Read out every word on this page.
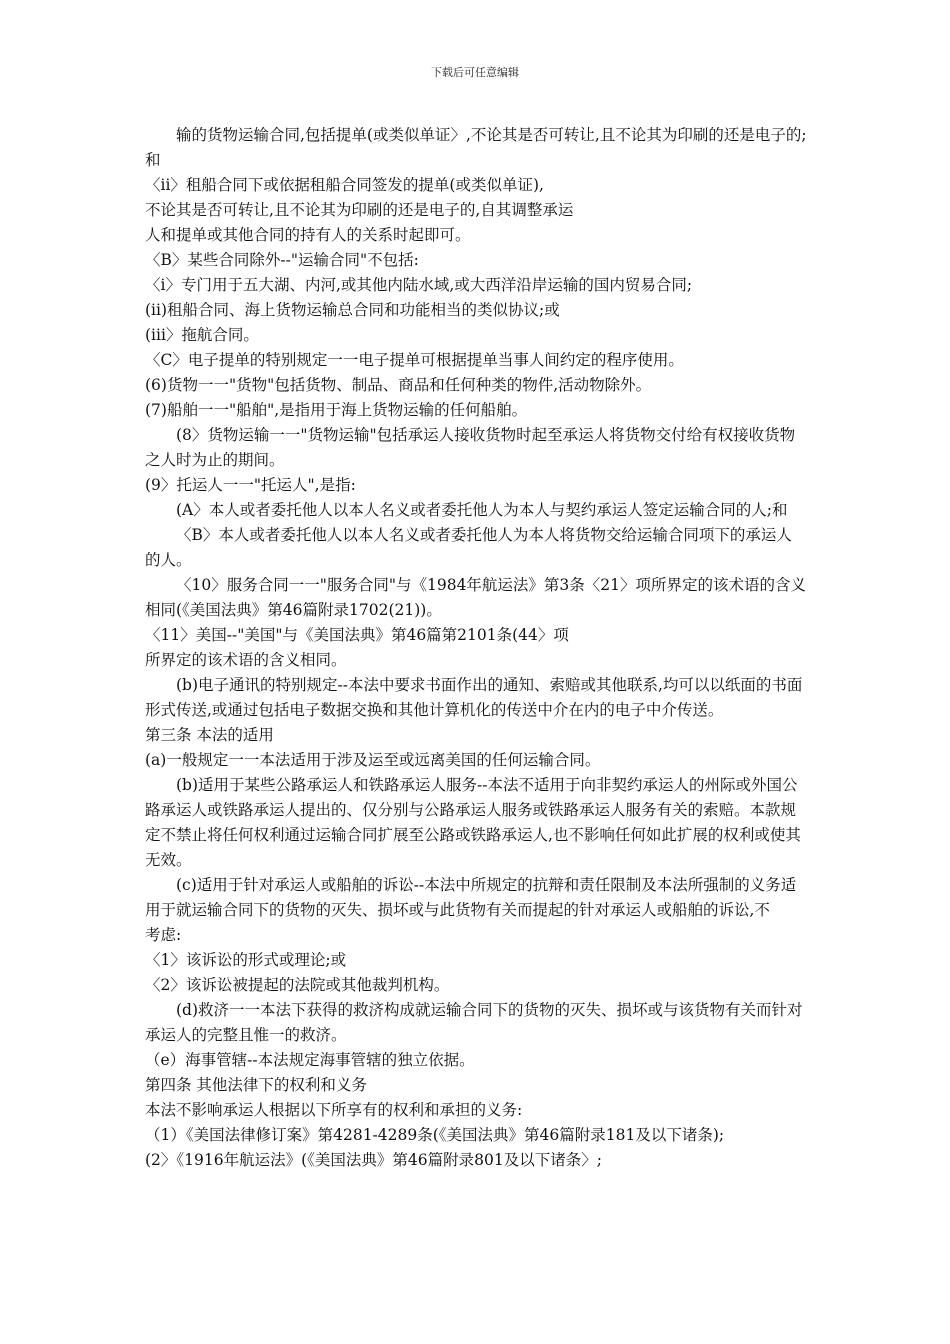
下载后可任意编辑

输的货物运输合同,包括提单(或类似单证〉,不论其是否可转让,且不论其为印刷的还是电子的;和

〈ii〉租船合同下或依据租船合同签发的提单(或类似单证),

不论其是否可转让,且不论其为印刷的还是电子的,自其调整承运

人和提单或其他合同的持有人的关系时起即可。

〈B〉某些合同除外--"运输合同"不包括:

〈i〉专门用于五大湖、内河,或其他内陆水域,或大西洋沿岸运输的国内贸易合同;

(ii)租船合同、海上货物运输总合同和功能相当的类似协议;或

(iii〉拖航合同。

〈C〉电子提单的特别规定一一电子提单可根据提单当事人间约定的程序使用。

(6)货物一一"货物"包括货物、制品、商品和任何种类的物件,活动物除外。

(7)船舶一一"船舶",是指用于海上货物运输的任何船舶。

(8〉货物运输一一"货物运输"包括承运人接收货物时起至承运人将货物交付给有权接收货物之人时为止的期间。

(9〉托运人一一"托运人",是指:

(A〉本人或者委托他人以本人名义或者委托他人为本人与契约承运人签定运输合同的人;和

〈B〉本人或者委托他人以本人名义或者委托他人为本人将货物交给运输合同项下的承运人的人。

〈10〉服务合同一一"服务合同"与《1984年航运法》第3条〈21〉项所界定的该术语的含义相同(《美国法典》第46篇附录1702(21))。

〈11〉美国--"美国"与《美国法典》第46篇第2101条(44〉项

所界定的该术语的含义相同。

(b)电子通讯的特别规定--本法中要求书面作出的通知、索赔或其他联系,均可以以纸面的书面形式传送,或通过包括电子数据交换和其他计算机化的传送中介在内的电子中介传送。

第三条 本法的适用

(a)一般规定一一本法适用于涉及运至或远离美国的任何运输合同。

(b)适用于某些公路承运人和铁路承运人服务--本法不适用于向非契约承运人的州际或外国公路承运人或铁路承运人提出的、仅分别与公路承运人服务或铁路承运人服务有关的索赔。本款规定不禁止将任何权利通过运输合同扩展至公路或铁路承运人,也不影响任何如此扩展的权利或使其无效。

(c)适用于针对承运人或船舶的诉讼--本法中所规定的抗辩和责任限制及本法所强制的义务适用于就运输合同下的货物的灭失、损坏或与此货物有关而提起的针对承运人或船舶的诉讼,不

考虑:

〈1〉该诉讼的形式或理论;或

〈2〉该诉讼被提起的法院或其他裁判机构。

(d)救济一一本法下获得的救济构成就运输合同下的货物的灭失、损坏或与该货物有关而针对承运人的完整且惟一的救济。

（e）海事管辖--本法规定海事管辖的独立依据。

第四条 其他法律下的权利和义务

本法不影响承运人根据以下所享有的权利和承担的义务:

（1）《美国法律修订案》第4281-4289条(《美国法典》第46篇附录181及以下诸条);

(2〉《1916年航运法》(《美国法典》第46篇附录801及以下诸条〉;
